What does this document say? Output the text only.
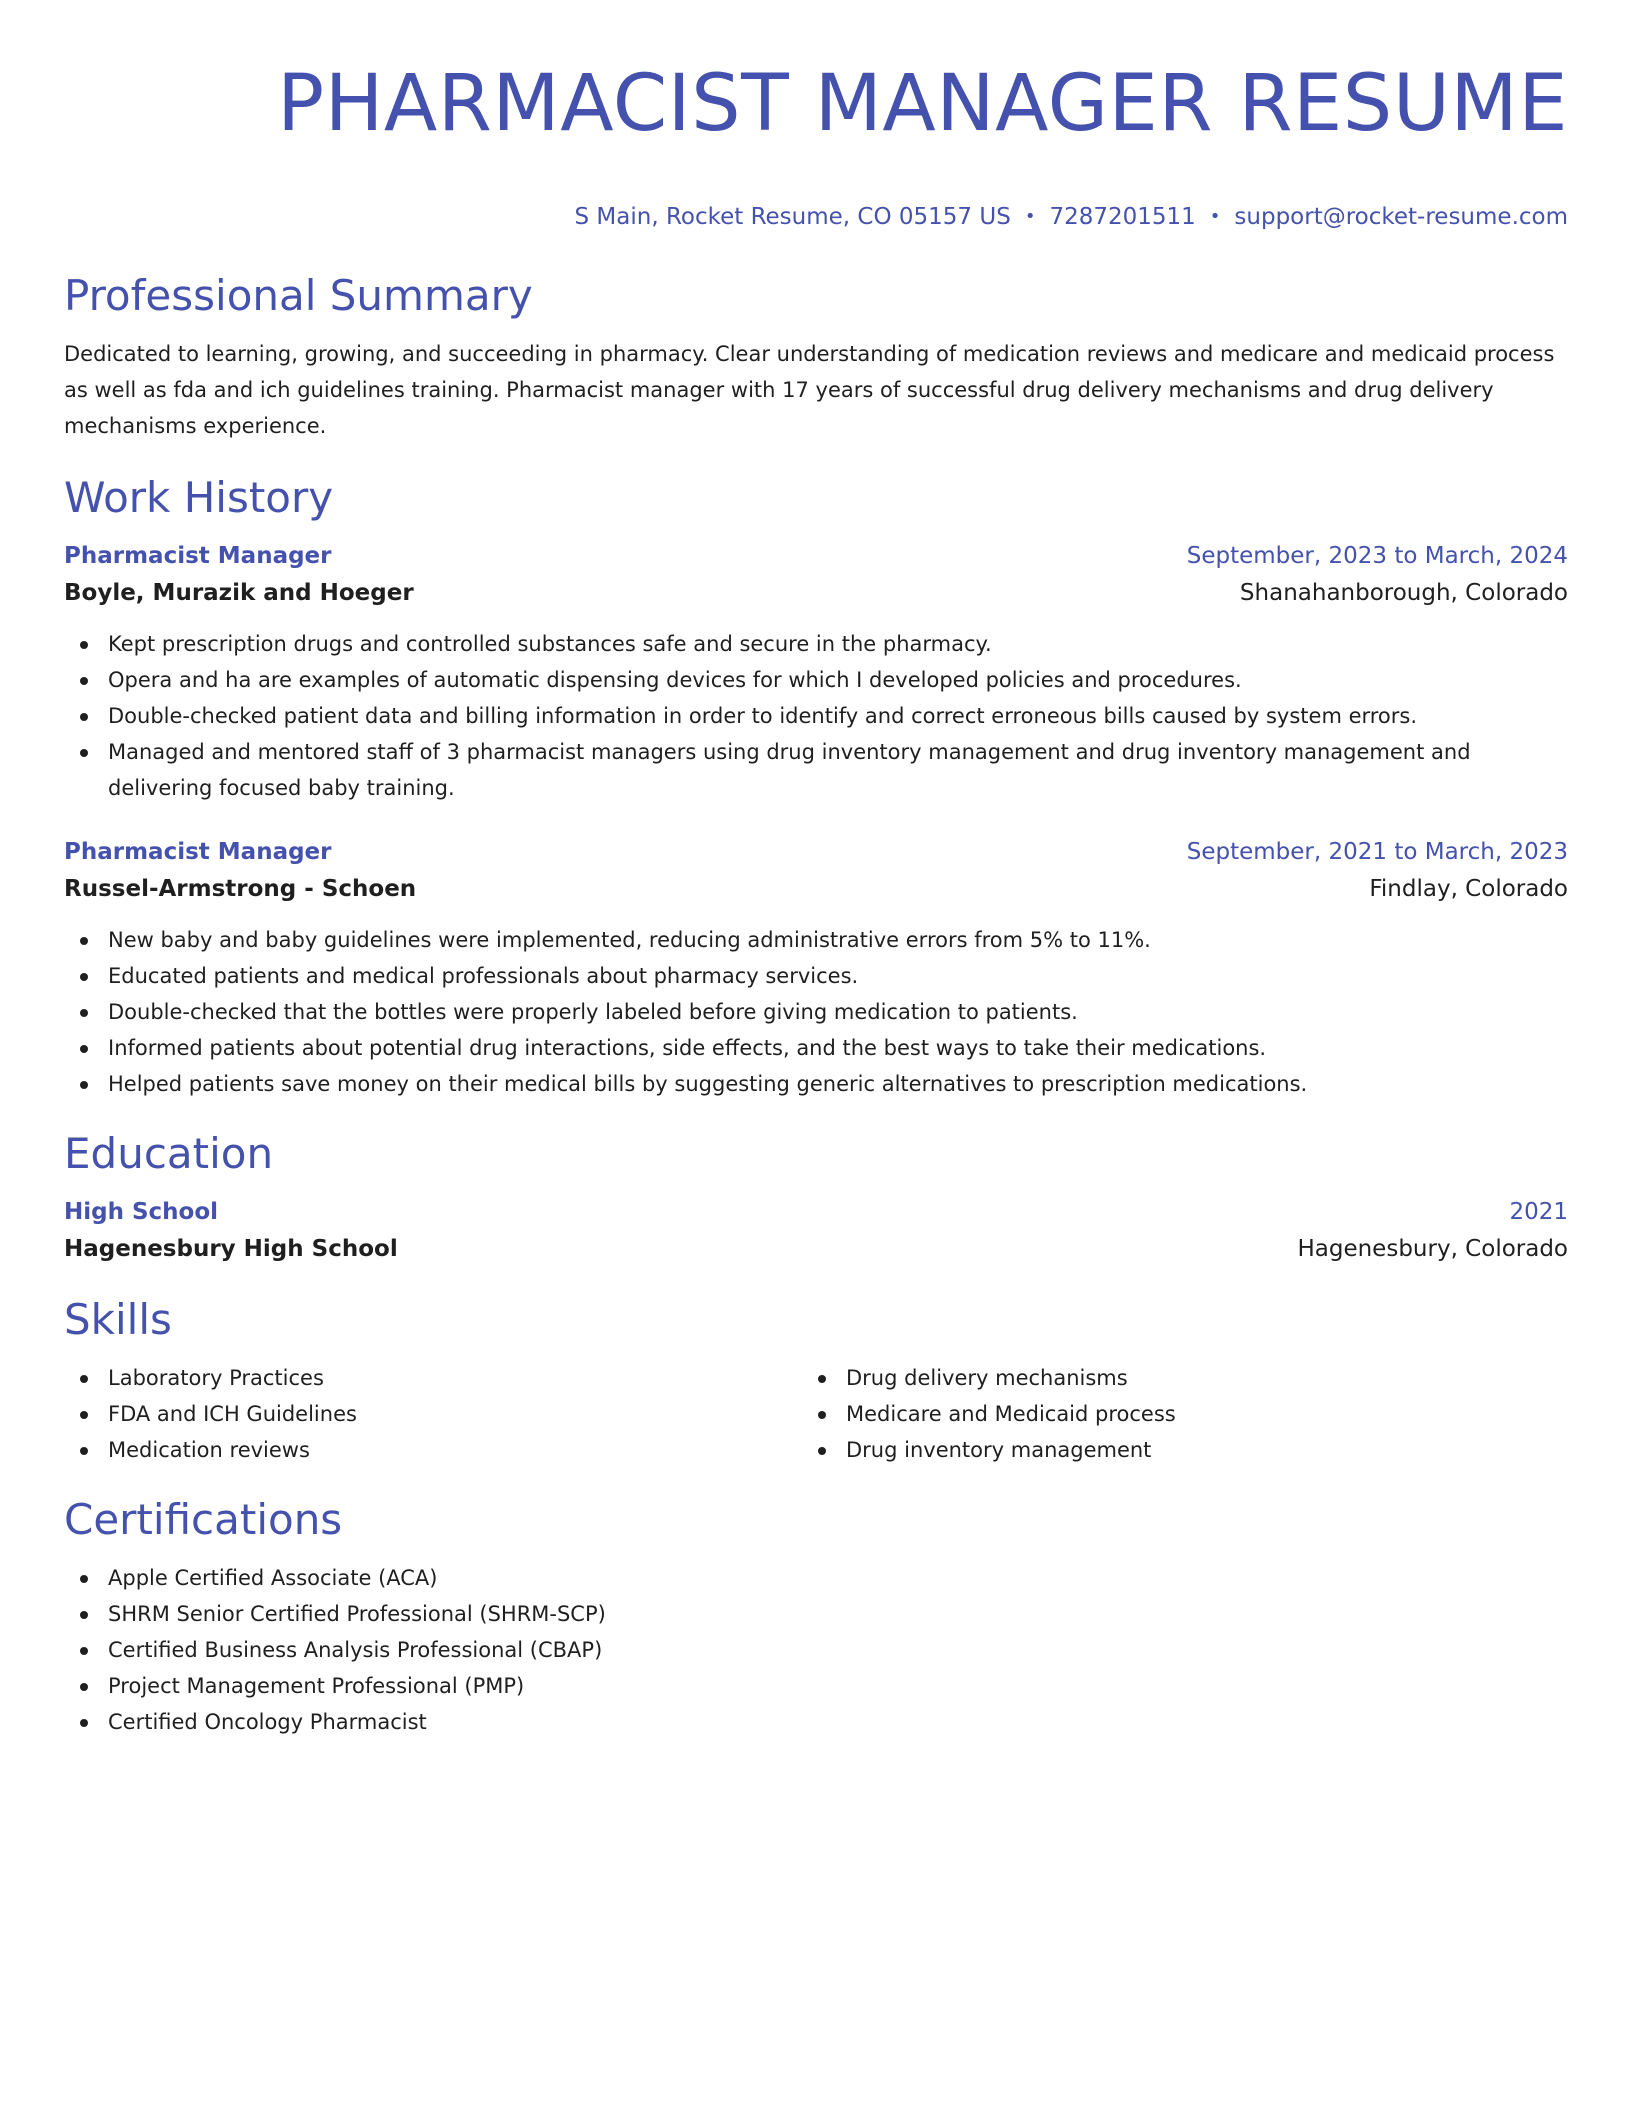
PHARMACIST MANAGER RESUME
S Main, Rocket Resume, CO 05157 US • 7287201511 • support@rocket-resume.com
Professional Summary

Dedicated to learning, growing, and succeeding in pharmacy. Clear understanding of medication reviews and medicare and medicaid process as well as fda and ich guidelines training. Pharmacist manager with 17 years of successful drug delivery mechanisms and drug delivery mechanisms experience.

Work History
Pharmacist Manager	September, 2023 to March, 2024
Boyle, Murazik and Hoeger	Shanahanborough, Colorado
Kept prescription drugs and controlled substances safe and secure in the pharmacy.
Opera and ha are examples of automatic dispensing devices for which I developed policies and procedures.
Double-checked patient data and billing information in order to identify and correct erroneous bills caused by system errors.
Managed and mentored staff of 3 pharmacist managers using drug inventory management and drug inventory management and delivering focused baby training.
Pharmacist Manager	September, 2021 to March, 2023
Russel-Armstrong - Schoen	Findlay, Colorado
New baby and baby guidelines were implemented, reducing administrative errors from 5% to 11%.
Educated patients and medical professionals about pharmacy services.
Double-checked that the bottles were properly labeled before giving medication to patients.
Informed patients about potential drug interactions, side effects, and the best ways to take their medications.
Helped patients save money on their medical bills by suggesting generic alternatives to prescription medications.
Education
High School	2021
Hagenesbury High School	Hagenesbury, Colorado
Skills
Laboratory Practices
FDA and ICH Guidelines
Medication reviews
Drug delivery mechanisms
Medicare and Medicaid process
Drug inventory management
Certifications
Apple Certified Associate (ACA)
SHRM Senior Certified Professional (SHRM-SCP)
Certified Business Analysis Professional (CBAP)
Project Management Professional (PMP)
Certified Oncology Pharmacist
